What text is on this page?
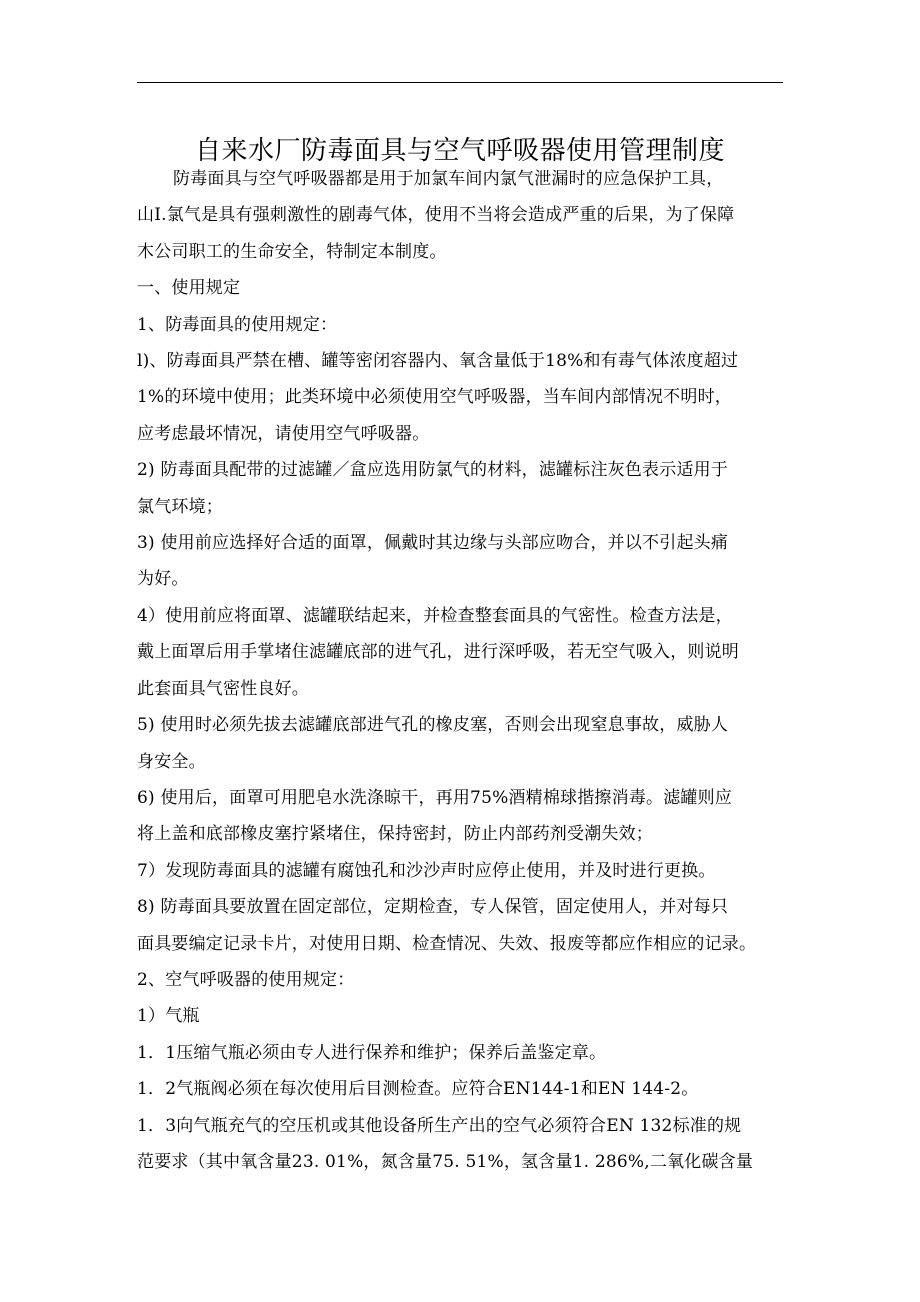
自来水厂防毒面具与空气呼吸器使用管理制度

防毒面具与空气呼吸器都是用于加氯车间内氯气泄漏时的应急保护工具，

山I.氯气是具有强刺激性的剧毒气体，使用不当将会造成严重的后果，为了保障

木公司职工的生命安全，特制定本制度。

一、使用规定

1、防毒面具的使用规定：

l)、防毒面具严禁在槽、罐等密闭容器内、氧含量低于18%和有毒气体浓度超过

1%的环境中使用；此类环境中必须使用空气呼吸器，当车间内部情况不明时，

应考虑最坏情况，请使用空气呼吸器。

2) 防毒面具配带的过滤罐／盒应选用防氯气的材料，滤罐标注灰色表示适用于

氯气环境；

3) 使用前应选择好合适的面罩，佩戴时其边缘与头部应吻合，并以不引起头痛

为好。

4）使用前应将面罩、滤罐联结起来，并检查整套面具的气密性。检查方法是，

戴上面罩后用手掌堵住滤罐底部的进气孔，进行深呼吸，若无空气吸入，则说明

此套面具气密性良好。

5) 使用时必须先拔去滤罐底部进气孔的橡皮塞，否则会出现窒息事故，威胁人

身安全。

6) 使用后，面罩可用肥皂水洗涤晾干，再用75%酒精棉球揩擦消毒。滤罐则应

将上盖和底部橡皮塞拧紧堵住，保持密封，防止内部药剂受潮失效；

7）发现防毒面具的滤罐有腐蚀孔和沙沙声时应停止使用，并及时进行更换。

8) 防毒面具要放置在固定部位，定期检查，专人保管，固定使用人，并对每只

面具要编定记录卡片，对使用日期、检查情况、失效、报废等都应作相应的记录。

2、空气呼吸器的使用规定：

1）气瓶

1．1压缩气瓶必须由专人进行保养和维护；保养后盖鉴定章。

1．2气瓶阀必须在每次使用后目测检查。应符合EN144-1和EN 144-2。

1．3向气瓶充气的空压机或其他设备所生产出的空气必须符合EN 132标准的规

范要求（其中氧含量23. 01%，氮含量75. 51%，氢含量1. 286%,二氧化碳含量
